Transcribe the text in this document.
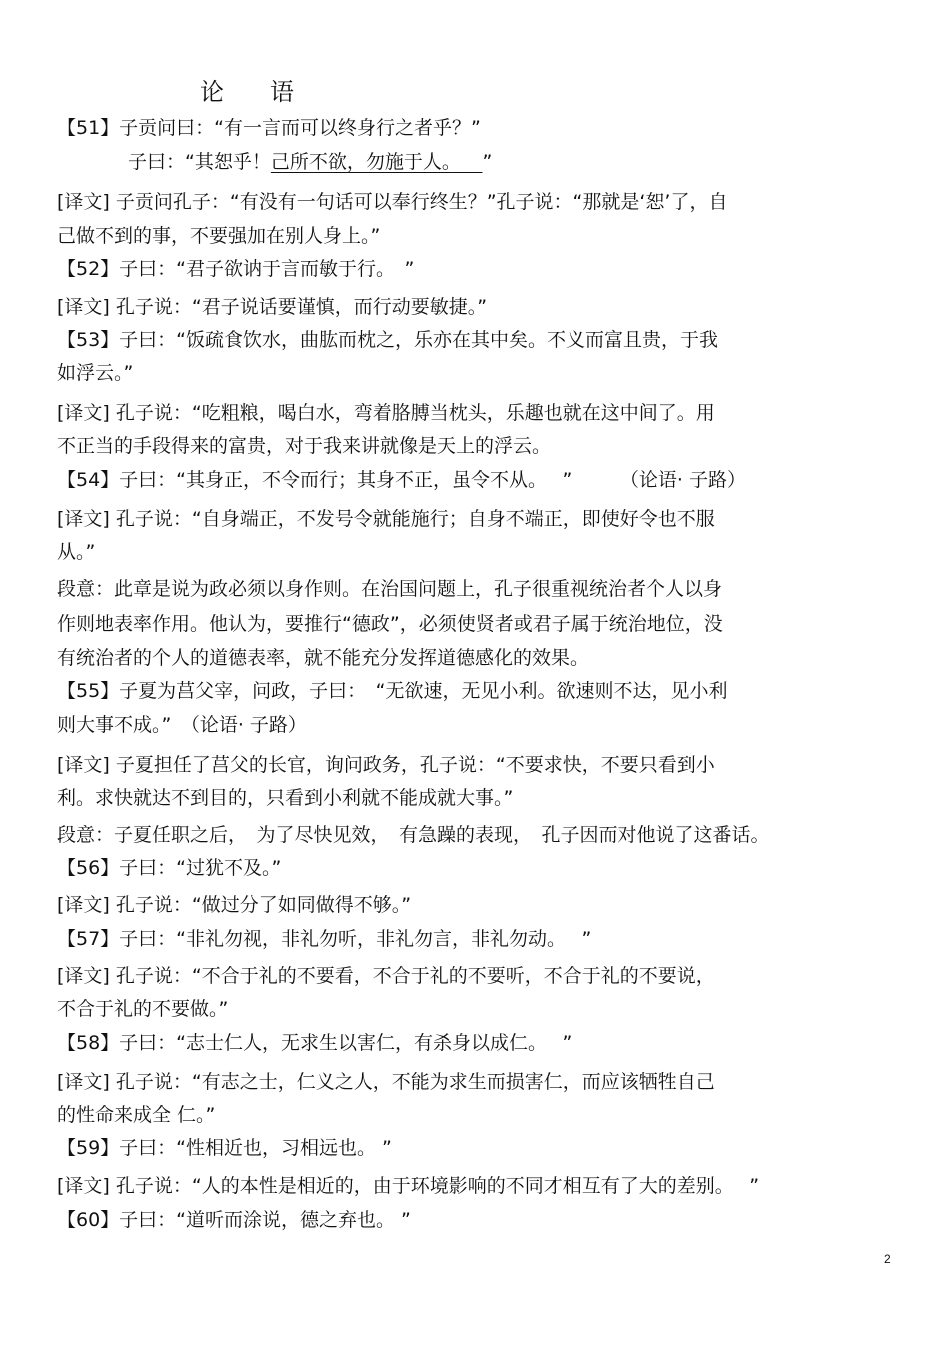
论 语
【51】子贡问曰：“有一言而可以终身行之者乎？”
子曰：“其恕乎！己所不欲，勿施于人。　 ”
[译文] 子贡问孔子：“有没有一句话可以奉行终生？”孔子说：“那就是‘恕’了，自
己做不到的事，不要强加在别人身上。”
【52】子曰：“君子欲讷于言而敏于行。　”
[译文] 孔子说：“君子说话要谨慎，而行动要敏捷。”
【53】子曰：“饭疏食饮水，曲肱而枕之，乐亦在其中矣。不义而富且贵，于我
如浮云。”
[译文] 孔子说：“吃粗粮，喝白水，弯着胳膊当枕头，乐趣也就在这中间了。用
不正当的手段得来的富贵，对于我来讲就像是天上的浮云。
【54】子曰：“其身正，不令而行；其身不正，虽令不从。　 ”　　　（论语· 子路）
[译文] 孔子说：“自身端正，不发号令就能施行；自身不端正，即使好令也不服
从。”
段意：此章是说为政必须以身作则。在治国问题上，孔子很重视统治者个人以身
作则地表率作用。他认为，要推行“德政”，必须使贤者或君子属于统治地位，没
有统治者的个人的道德表率，就不能充分发挥道德感化的效果。
【55】子夏为莒父宰，问政，子曰：　“无欲速，无见小利。欲速则不达，见小利
则大事不成。”　（论语· 子路）
[译文] 子夏担任了莒父的长官，询问政务，孔子说：“不要求快，不要只看到小
利。求快就达不到目的，只看到小利就不能成就大事。”
段意：子夏任职之后，　为了尽快见效，　有急躁的表现，　孔子因而对他说了这番话。
【56】子曰：“过犹不及。”
[译文] 孔子说：“做过分了如同做得不够。”
【57】子曰：“非礼勿视，非礼勿听，非礼勿言，非礼勿动。　 ”
[译文] 孔子说：“不合于礼的不要看，不合于礼的不要听，不合于礼的不要说，
不合于礼的不要做。”
【58】子曰：“志士仁人，无求生以害仁，有杀身以成仁。　 ”
[译文] 孔子说：“有志之士，仁义之人，不能为求生而损害仁，而应该牺牲自己
的性命来成全 仁。”
【59】子曰：“性相近也，习相远也。 ”
[译文] 孔子说：“人的本性是相近的，由于环境影响的不同才相互有了大的差别。　 ”
【60】子曰：“道听而涂说，德之弃也。 ”
2
